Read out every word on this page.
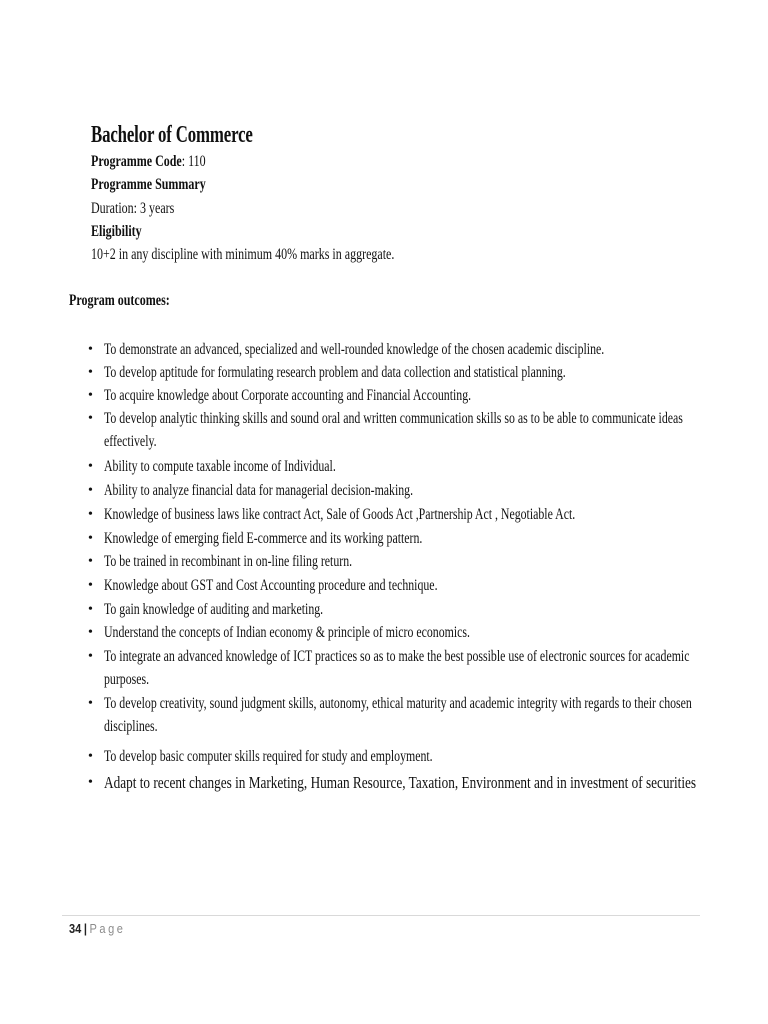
Bachelor of Commerce
Programme Code: 110
Programme Summary
Duration: 3 years
Eligibility
10+2 in any discipline with minimum 40% marks in aggregate.
Program outcomes:
• To demonstrate an advanced, specialized and well-rounded knowledge of the chosen academic discipline.
• To develop aptitude for formulating research problem and data collection and statistical planning.
• To acquire knowledge about Corporate accounting and Financial Accounting.
• To develop analytic thinking skills and sound oral and written communication skills so as to be able to communicate ideas
effectively.
• Ability to compute taxable income of Individual.
• Ability to analyze financial data for managerial decision-making.
• Knowledge of business laws like contract Act, Sale of Goods Act ,Partnership Act , Negotiable Act.
• Knowledge of emerging field E-commerce and its working pattern.
• To be trained in recombinant in on-line filing return.
• Knowledge about GST and Cost Accounting procedure and technique.
• To gain knowledge of auditing and marketing.
• Understand the concepts of Indian economy & principle of micro economics.
• To integrate an advanced knowledge of ICT practices so as to make the best possible use of electronic sources for academic
purposes.
• To develop creativity, sound judgment skills, autonomy, ethical maturity and academic integrity with regards to their chosen
disciplines.
• To develop basic computer skills required for study and employment.
• Adapt to recent changes in Marketing, Human Resource, Taxation, Environment and in investment of securities
34 | Page
